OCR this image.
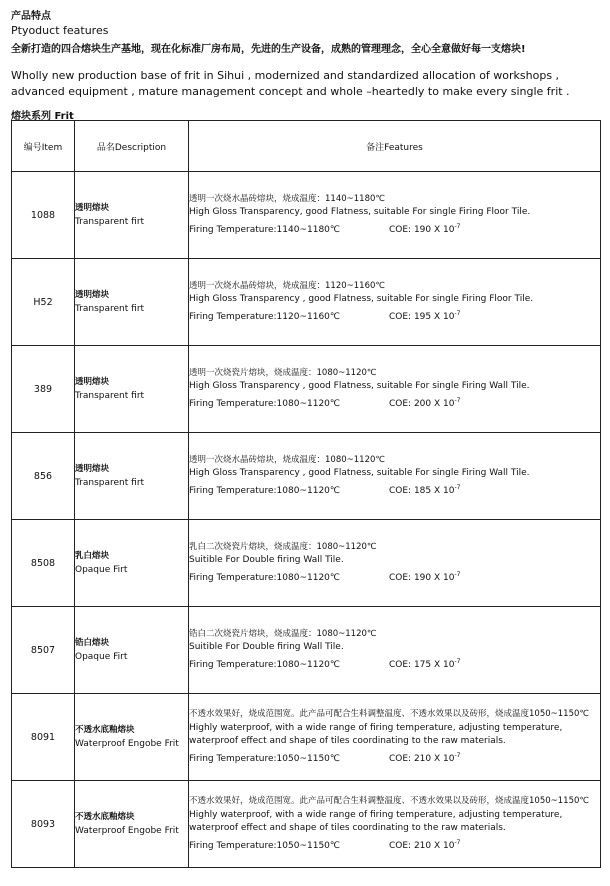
产品特点
Ptyoduct features
全新打造的四合熔块生产基地，现在化标准厂房布局，先进的生产设备，成熟的管理理念，全心全意做好每一支熔块!
Wholly new production base of frit in Sihui , modernized and standardized allocation of workshops , advanced equipment , mature management concept and whole –heartedly to make every single frit .
熔块系列 Frit
编号Item	品名Description	备注Features
1088	透明熔块
Transparent firt	透明一次烧水晶砖熔块，烧成温度：1140~1180℃
High Gloss Transparency, good Flatness, suitable For single Firing Floor Tile.
Firing Temperature:1140~1180℃ COE: 190 X $10^{-7}$

H52	透明熔块
Transparent firt	透明一次烧水晶砖熔块，烧成温度：1120~1160℃
High Gloss Transparency , good Flatness, suitable For single Firing Floor Tile.
Firing Temperature:1120~1160℃ COE: 195 X $10^{-7}$

389	透明熔块
Transparent firt	透明一次烧瓷片熔块，烧成温度：1080~1120℃
High Gloss Transparency , good Flatness, suitable For single Firing Wall Tile.
Firing Temperature:1080~1120℃ COE: 200 X $10^{-7}$

856	透明熔块
Transparent firt	透明一次烧水晶砖熔块，烧成温度：1080~1120℃
High Gloss Transparency , good Flatness, suitable For single Firing Wall Tile.
Firing Temperature:1080~1120℃ COE: 185 X $10^{-7}$

8508	乳白熔块
Opaque Firt	乳白二次烧瓷片熔块，烧成温度：1080~1120℃
Suitible For Double firing Wall Tile.
Firing Temperature:1080~1120℃ COE: 190 X $10^{-7}$

8507	锆白熔块
Opaque Firt	锆白二次烧瓷片熔块，烧成温度：1080~1120℃
Suitible For Double firing Wall Tile.
Firing Temperature:1080~1120℃ COE: 175 X $10^{-7}$

8091	不透水底釉熔块
Waterproof Engobe Frit	不透水效果好，烧成范围宽。此产品可配合生料调整温度、不透水效果以及砖形，烧成温度1050~1150℃
Highly waterproof, with a wide range of firing temperature, adjusting temperature, waterproof effect and shape of tiles coordinating to the raw materials.
Firing Temperature:1050~1150℃ COE: 210 X $10^{-7}$

8093	不透水底釉熔块
Waterproof Engobe Frit	不透水效果好，烧成范围宽。此产品可配合生料调整温度、不透水效果以及砖形，烧成温度1050~1150℃
Highly waterproof, with a wide range of firing temperature, adjusting temperature, waterproof effect and shape of tiles coordinating to the raw materials.
Firing Temperature:1050~1150℃ COE: 210 X $10^{-7}$
